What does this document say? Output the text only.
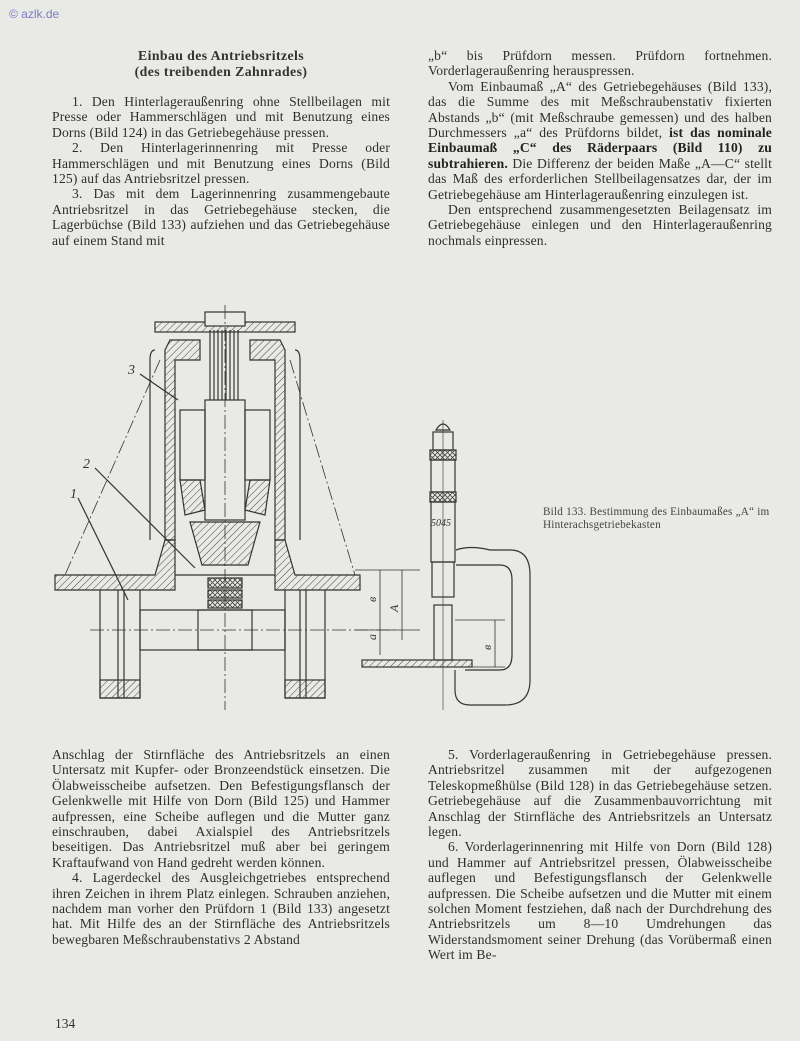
© azlk.de
Einbau des Antriebsritzels
(des treibenden Zahnrades)

1. Den Hinterlageraußenring ohne Stellbeilagen mit Presse oder Hammerschlägen und mit Benutzung eines Dorns (Bild 124) in das Getriebegehäuse pressen.

2. Den Hinterlagerinnenring mit Presse oder Hammerschlägen und mit Benutzung eines Dorns (Bild 125) auf das Antriebsritzel pressen.

3. Das mit dem Lagerinnenring zusammengebaute Antriebsritzel in das Getriebegehäuse stecken, die Lagerbüchse (Bild 133) aufziehen und das Getriebegehäuse auf einem Stand mit

„b“ bis Prüfdorn messen. Prüfdorn fortnehmen. Vorderlageraußenring herauspressen.

Vom Einbaumaß „A“ des Getriebegehäuses (Bild 133), das die Summe des mit Meßschraubenstativ fixierten Abstands „b“ (mit Meßschraube gemessen) und des halben Durchmessers „a“ des Prüfdorns bildet, ist das nominale Einbaumaß „C“ des Räderpaars (Bild 110) zu subtrahieren. Die Differenz der beiden Maße „A—C“ stellt das Maß des erforderlichen Stellbeilagensatzes dar, der im Getriebegehäuse am Hinterlageraußenring einzulegen ist.

Den entsprechend zusammengesetzten Beilagensatz im Getriebegehäuse einlegen und den Hinterlageraußenring nochmals einpressen.

1
2
3
в
а
A
в
5045
Bild 133. Bestimmung des Einbaumaßes „A“ im Hinterachsgetriebekasten

Anschlag der Stirnfläche des Antriebsritzels an einen Untersatz mit Kupfer- oder Bronzeendstück einsetzen. Die Ölabweisscheibe aufsetzen. Den Befestigungsflansch der Gelenkwelle mit Hilfe von Dorn (Bild 125) und Hammer aufpressen, eine Scheibe auflegen und die Mutter ganz einschrauben, dabei Axialspiel des Antriebsritzels beseitigen. Das Antriebsritzel muß aber bei geringem Kraftaufwand von Hand gedreht werden können.

4. Lagerdeckel des Ausgleichgetriebes entsprechend ihren Zeichen in ihrem Platz einlegen. Schrauben anziehen, nachdem man vorher den Prüfdorn 1 (Bild 133) angesetzt hat. Mit Hilfe des an der Stirnfläche des Antriebsritzels bewegbaren Meßschraubenstativs 2 Abstand

5. Vorderlageraußenring in Getriebegehäuse pressen. Antriebsritzel zusammen mit der aufgezogenen Teleskopmeßhülse (Bild 128) in das Getriebegehäuse setzen. Getriebegehäuse auf die Zusammenbauvorrichtung mit Anschlag der Stirnfläche des Antriebsritzels an Untersatz legen.

6. Vorderlagerinnenring mit Hilfe von Dorn (Bild 128) und Hammer auf Antriebsritzel pressen, Ölabweisscheibe auflegen und Befestigungsflansch der Gelenkwelle aufpressen. Die Scheibe aufsetzen und die Mutter mit einem solchen Moment festziehen, daß nach der Durchdrehung des Antriebsritzels um 8—10 Umdrehungen das Widerstandsmoment seiner Drehung (das Vorübermaß einen Wert im Be-

134
